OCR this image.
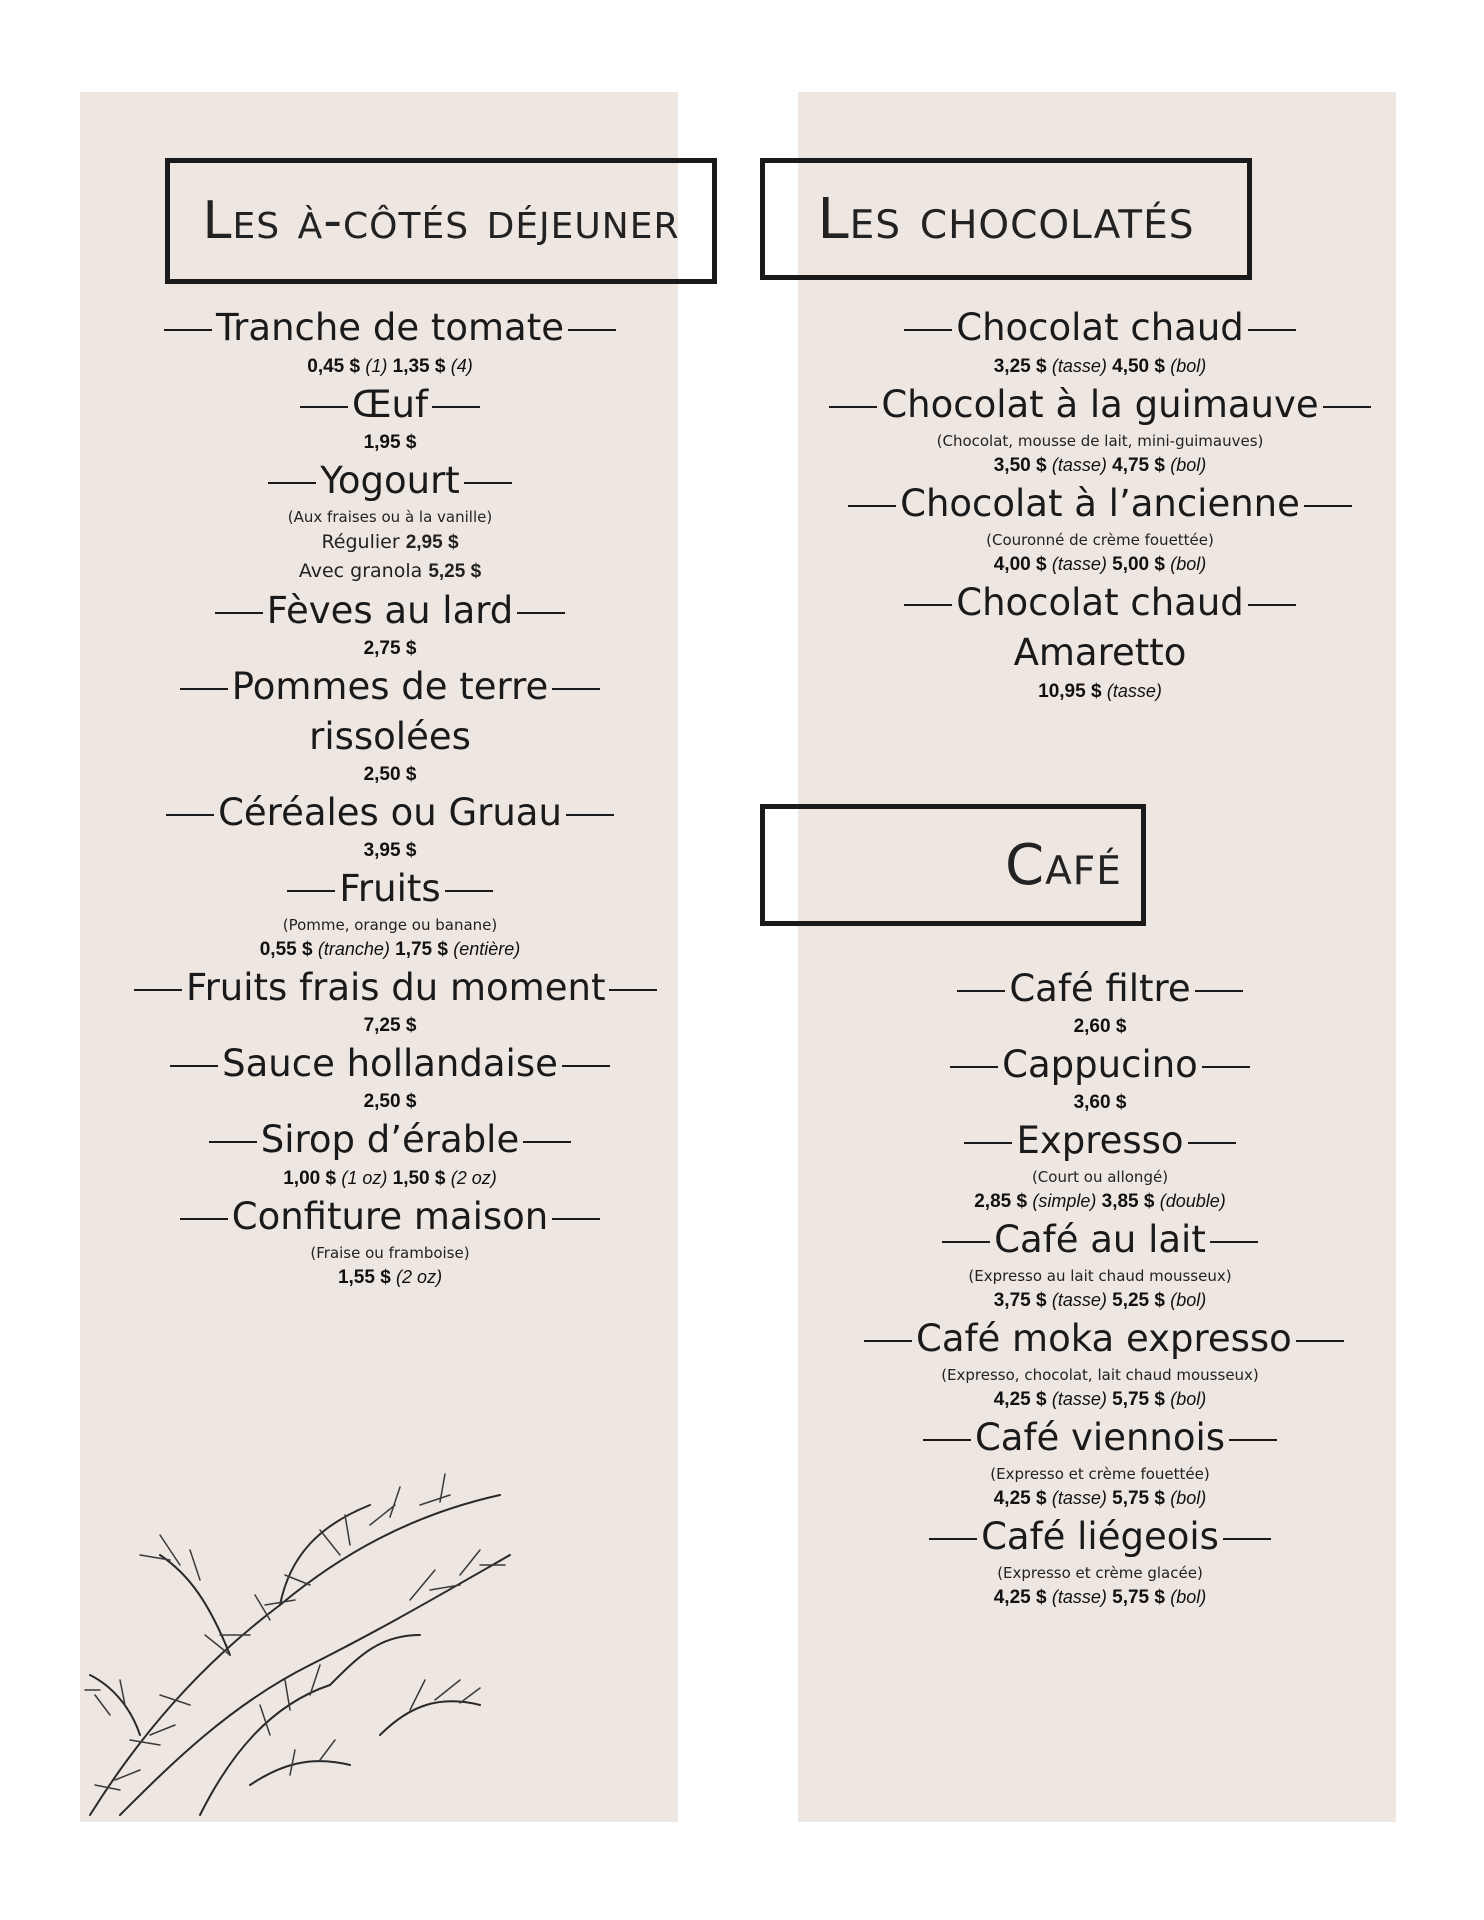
Les à-côtés déjeuner Les chocolatés
Café
Tranche de tomate
0,45 $ (1) 1,35 $ (4)
Œuf
1,95 $
Yogourt
(Aux fraises ou à la vanille)
Régulier 2,95 $
Avec granola 5,25 $
Fèves au lard
2,75 $
Pommes de terre
rissolées
2,50 $
Céréales ou Gruau
3,95 $
Fruits
(Pomme, orange ou banane)
0,55 $ (tranche) 1,75 $ (entière)
Fruits frais du moment
7,25 $
Sauce hollandaise
2,50 $
Sirop d’érable
1,00 $ (1 oz) 1,50 $ (2 oz)
Confiture maison
(Fraise ou framboise)
1,55 $ (2 oz)
Chocolat chaud
3,25 $ (tasse) 4,50 $ (bol)
Chocolat à la guimauve
(Chocolat, mousse de lait, mini-guimauves)
3,50 $ (tasse) 4,75 $ (bol)
Chocolat à l’ancienne
(Couronné de crème fouettée)
4,00 $ (tasse) 5,00 $ (bol)
Chocolat chaud
Amaretto
10,95 $ (tasse)
Café filtre
2,60 $
Cappucino
3,60 $
Expresso
(Court ou allongé)
2,85 $ (simple) 3,85 $ (double)
Café au lait
(Expresso au lait chaud mousseux)
3,75 $ (tasse) 5,25 $ (bol)
Café moka expresso
(Expresso, chocolat, lait chaud mousseux)
4,25 $ (tasse) 5,75 $ (bol)
Café viennois
(Expresso et crème fouettée)
4,25 $ (tasse) 5,75 $ (bol)
Café liégeois
(Expresso et crème glacée)
4,25 $ (tasse) 5,75 $ (bol)
